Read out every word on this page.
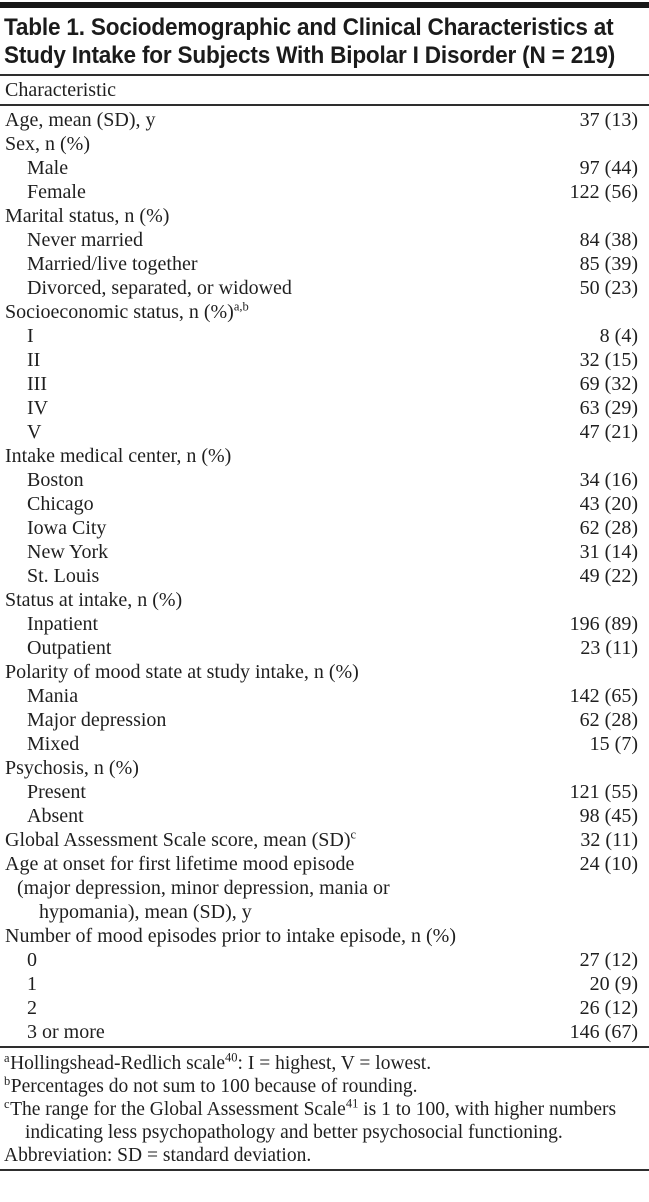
Table 1. Sociodemographic and Clinical Characteristics at
Study Intake for Subjects With Bipolar I Disorder (N = 219)
Characteristic
Age, mean (SD), y	37 (13)
Sex, n (%)
Male	97 (44)
Female	122 (56)
Marital status, n (%)
Never married	84 (38)
Married/live together	85 (39)
Divorced, separated, or widowed	50 (23)
Socioeconomic status, n (%)$^{a,b}$
I	8 (4)
II	32 (15)
III	69 (32)
IV	63 (29)
V	47 (21)
Intake medical center, n (%)
Boston	34 (16)
Chicago	43 (20)
Iowa City	62 (28)
New York	31 (14)
St. Louis	49 (22)
Status at intake, n (%)
Inpatient	196 (89)
Outpatient	23 (11)
Polarity of mood state at study intake, n (%)
Mania	142 (65)
Major depression	62 (28)
Mixed	15 (7)
Psychosis, n (%)
Present	121 (55)
Absent	98 (45)
Global Assessment Scale score, mean (SD)$^c$	32 (11)
Age at onset for first lifetime mood episode	24 (10)
(major depression, minor depression, mania or
hypomania), mean (SD), y
Number of mood episodes prior to intake episode, n (%)
0	27 (12)
1	20 (9)
2	26 (12)
3 or more	146 (67)
$^a$Hollingshead-Redlich scale$^{40}$: I = highest, V = lowest.
$^b$Percentages do not sum to 100 because of rounding.
$^c$The range for the Global Assessment Scale$^{41}$ is 1 to 100, with higher numbers indicating less psychopathology and better psychosocial functioning.
Abbreviation: SD = standard deviation.
